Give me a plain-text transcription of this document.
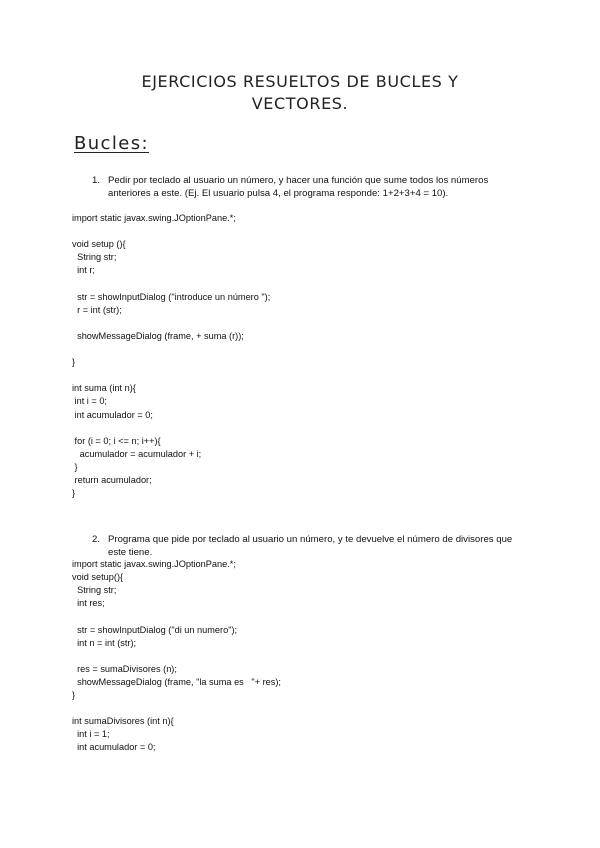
EJERCICIOS RESUELTOS DE BUCLES Y
VECTORES.
Bucles:
1. Pedir por teclado al usuario un número, y hacer una función que sume todos los números anteriores a este. (Ej. El usuario pulsa 4, el programa responde: 1+2+3+4 = 10).
import static javax.swing.JOptionPane.*;
void setup (){
String str;
int r;
str = showInputDialog ("introduce un número ");
r = int (str);
showMessageDialog (frame, + suma (r));
}
int suma (int n){
int i = 0;
int acumulador = 0;
for (i = 0; i <= n; i++){
acumulador = acumulador + i;
}
return acumulador;
}
2. Programa que pide por teclado al usuario un número, y te devuelve el número de divisores que este tiene.
import static javax.swing.JOptionPane.*;
void setup(){
String str;
int res;
str = showInputDialog ("di un numero");
int n = int (str);
res = sumaDivisores (n);
showMessageDialog (frame, "la suma es   "+ res);
}
int sumaDivisores (int n){
int i = 1;
int acumulador = 0;
